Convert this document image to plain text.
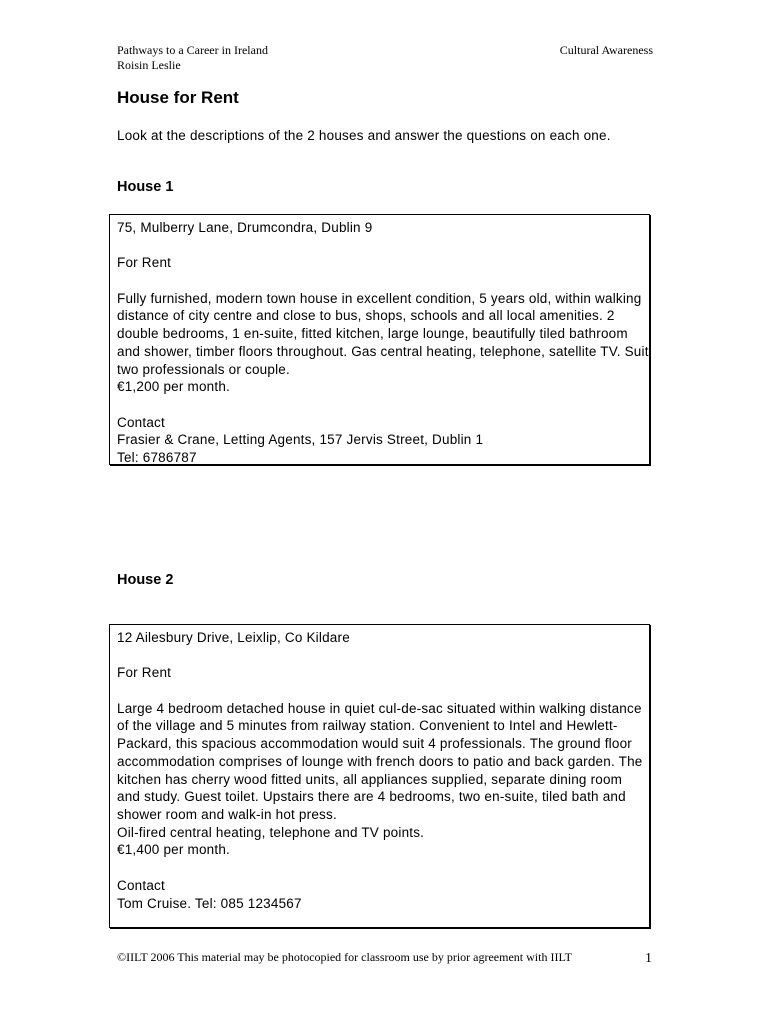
Pathways to a Career in Ireland
Roisin Leslie
Cultural Awareness
House for Rent
Look at the descriptions of the 2 houses and answer the questions on each one.
House 1

75, Mulberry Lane, Drumcondra, Dublin 9

For Rent

Fully furnished, modern town house in excellent condition, 5 years old, within walking distance of city centre and close to bus, shops, schools and all local amenities. 2 double bedrooms, 1 en-suite, fitted kitchen, large lounge, beautifully tiled bathroom and shower, timber floors throughout. Gas central heating, telephone, satellite TV. Suit two professionals or couple.

€1,200 per month.

Contact

Frasier & Crane, Letting Agents, 157 Jervis Street, Dublin 1

Tel: 6786787

House 2

12 Ailesbury Drive, Leixlip, Co Kildare

For Rent

Large 4 bedroom detached house in quiet cul-de-sac situated within walking distance of the village and 5 minutes from railway station. Convenient to Intel and Hewlett-Packard, this spacious accommodation would suit 4 professionals. The ground floor accommodation comprises of lounge with french doors to patio and back garden. The kitchen has cherry wood fitted units, all appliances supplied, separate dining room and study. Guest toilet. Upstairs there are 4 bedrooms, two en-suite, tiled bath and shower room and walk-in hot press.

Oil-fired central heating, telephone and TV points.

€1,400 per month.

Contact

Tom Cruise. Tel: 085 1234567

©IILT 2006 This material may be photocopied for classroom use by prior agreement with IILT	1
